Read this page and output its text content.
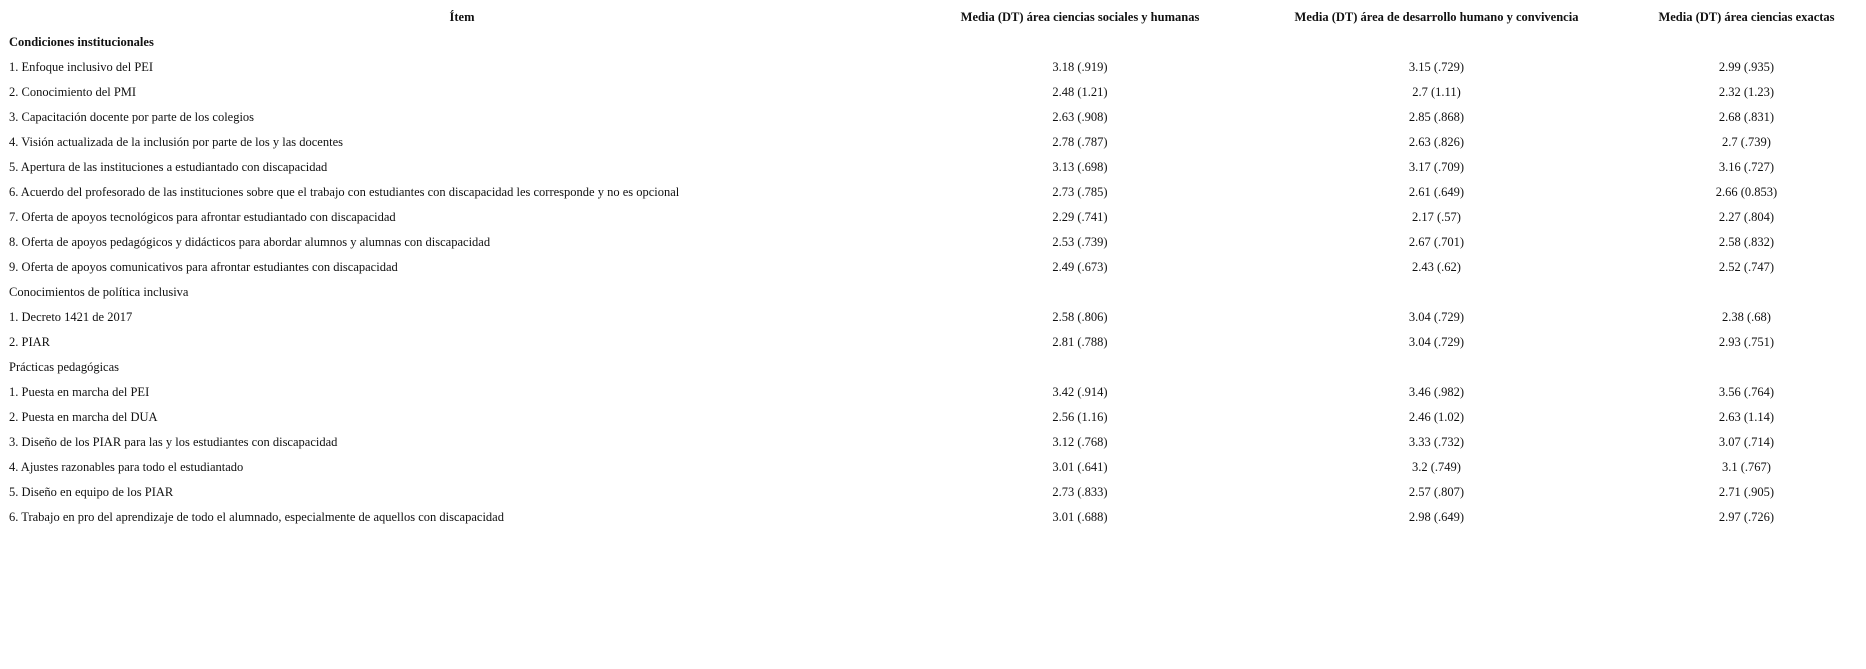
Ítem	Media (DT) área ciencias sociales y humanas	Media (DT) área de desarrollo humano y convivencia	Media (DT) área ciencias exactas
Condiciones institucionales			
1. Enfoque inclusivo del PEI	3.18 (.919)	3.15 (.729)	2.99 (.935)
2. Conocimiento del PMI	2.48 (1.21)	2.7 (1.11)	2.32 (1.23)
3. Capacitación docente por parte de los colegios	2.63 (.908)	2.85 (.868)	2.68 (.831)
4. Visión actualizada de la inclusión por parte de los y las docentes	2.78 (.787)	2.63 (.826)	2.7 (.739)
5. Apertura de las instituciones a estudiantado con discapacidad	3.13 (.698)	3.17 (.709)	3.16 (.727)
6. Acuerdo del profesorado de las instituciones sobre que el trabajo con estudiantes con discapacidad les corresponde y no es opcional	2.73 (.785)	2.61 (.649)	2.66 (0.853)
7. Oferta de apoyos tecnológicos para afrontar estudiantado con discapacidad	2.29 (.741)	2.17 (.57)	2.27 (.804)
8. Oferta de apoyos pedagógicos y didácticos para abordar alumnos y alumnas con discapacidad	2.53 (.739)	2.67 (.701)	2.58 (.832)
9. Oferta de apoyos comunicativos para afrontar estudiantes con discapacidad	2.49 (.673)	2.43 (.62)	2.52 (.747)
Conocimientos de política inclusiva			
1. Decreto 1421 de 2017	2.58 (.806)	3.04 (.729)	2.38 (.68)
2. PIAR	2.81 (.788)	3.04 (.729)	2.93 (.751)
Prácticas pedagógicas			
1. Puesta en marcha del PEI	3.42 (.914)	3.46 (.982)	3.56 (.764)
2. Puesta en marcha del DUA	2.56 (1.16)	2.46 (1.02)	2.63 (1.14)
3. Diseño de los PIAR para las y los estudiantes con discapacidad	3.12 (.768)	3.33 (.732)	3.07 (.714)
4. Ajustes razonables para todo el estudiantado	3.01 (.641)	3.2 (.749)	3.1 (.767)
5. Diseño en equipo de los PIAR	2.73 (.833)	2.57 (.807)	2.71 (.905)
6. Trabajo en pro del aprendizaje de todo el alumnado, especialmente de aquellos con discapacidad	3.01 (.688)	2.98 (.649)	2.97 (.726)
